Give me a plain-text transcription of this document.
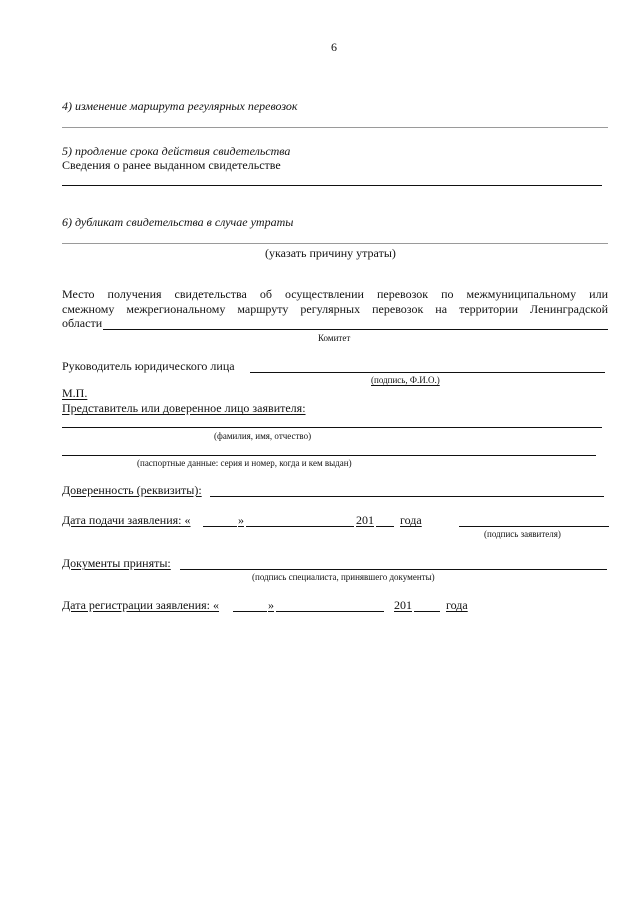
6
4) изменение маршрута регулярных перевозок
5) продление срока действия свидетельства
Сведения о ранее выданном свидетельстве
6) дубликат свидетельства в случае утраты
(указать причину утраты)
Место получения свидетельства об осуществлении перевозок по межмуниципальному или
смежному межрегиональному маршруту регулярных перевозок на территории Ленинградской
области
Комитет
Руководитель юридического лица
(подпись, Ф.И.О.)
М.П.
Представитель или доверенное лицо заявителя:
(фамилия, имя, отчество)
(паспортные данные: серия и номер, когда и кем выдан)
Доверенность (реквизиты):
Дата подачи заявления: «	»	201 года
(подпись заявителя)
Документы приняты:
(подпись специалиста, принявшего документы)
Дата регистрации заявления: «	»	201	года
